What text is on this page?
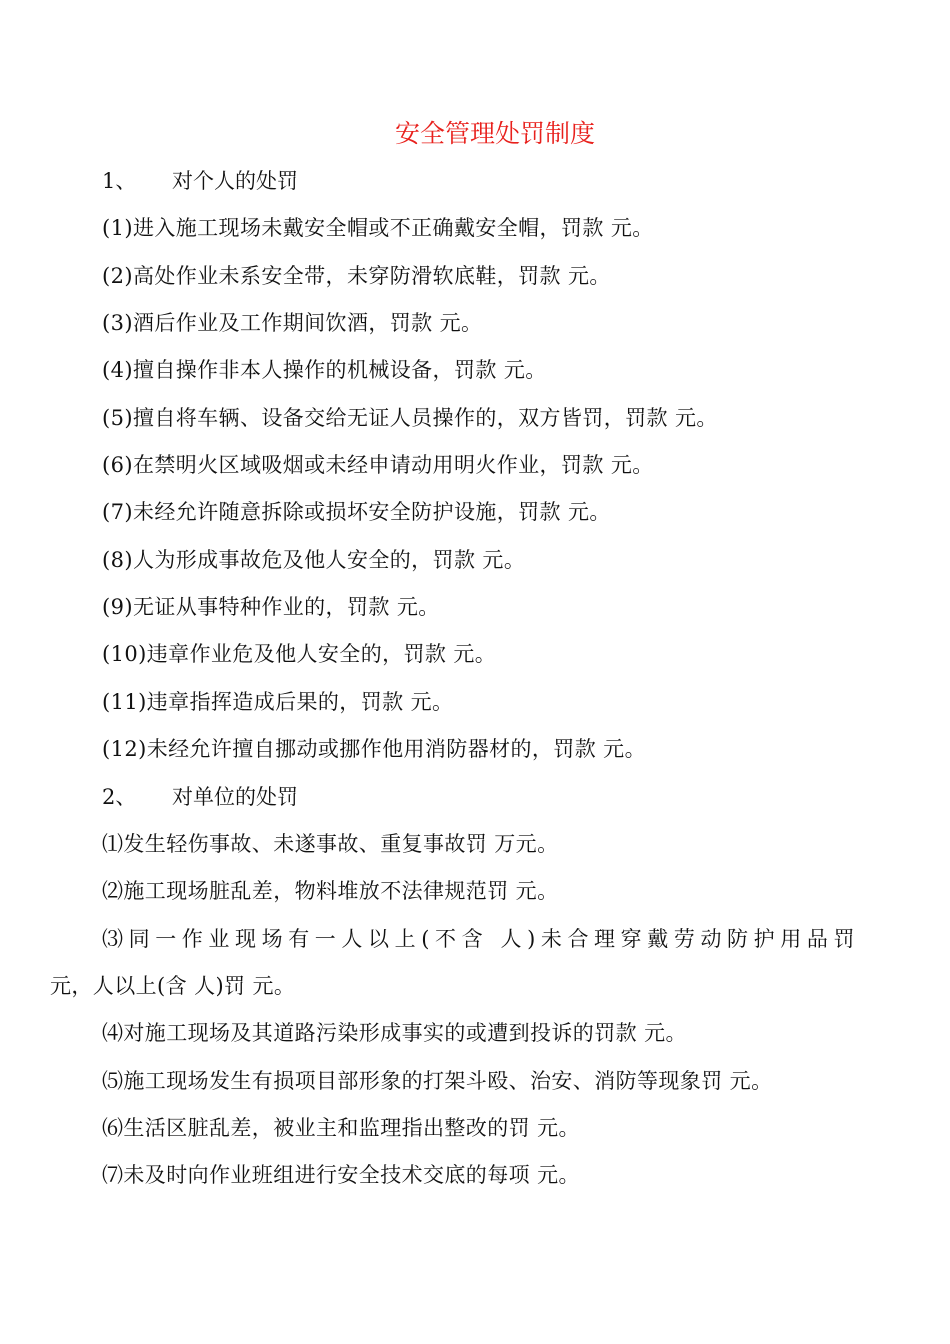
安全管理处罚制度
1、 对个人的处罚
(1)进入施工现场未戴安全帽或不正确戴安全帽，罚款 元。
(2)高处作业未系安全带，未穿防滑软底鞋，罚款 元。
(3)酒后作业及工作期间饮酒，罚款 元。
(4)擅自操作非本人操作的机械设备，罚款 元。
(5)擅自将车辆、设备交给无证人员操作的，双方皆罚，罚款 元。
(6)在禁明火区域吸烟或未经申请动用明火作业，罚款 元。
(7)未经允许随意拆除或损坏安全防护设施，罚款 元。
(8)人为形成事故危及他人安全的，罚款 元。
(9)无证从事特种作业的，罚款 元。
(10)违章作业危及他人安全的，罚款 元。
(11)违章指挥造成后果的，罚款 元。
(12)未经允许擅自挪动或挪作他用消防器材的，罚款 元。
2、 对单位的处罚
⑴发生轻伤事故、未遂事故、重复事故罚 万元。
⑵施工现场脏乱差，物料堆放不法律规范罚 元。
⑶同一作业现场有一人以上(不含 人)未合理穿戴劳动防护用品罚
元，人以上(含 人)罚 元。
⑷对施工现场及其道路污染形成事实的或遭到投诉的罚款 元。
⑸施工现场发生有损项目部形象的打架斗殴、治安、消防等现象罚 元。
⑹生活区脏乱差，被业主和监理指出整改的罚 元。
⑺未及时向作业班组进行安全技术交底的每项 元。
